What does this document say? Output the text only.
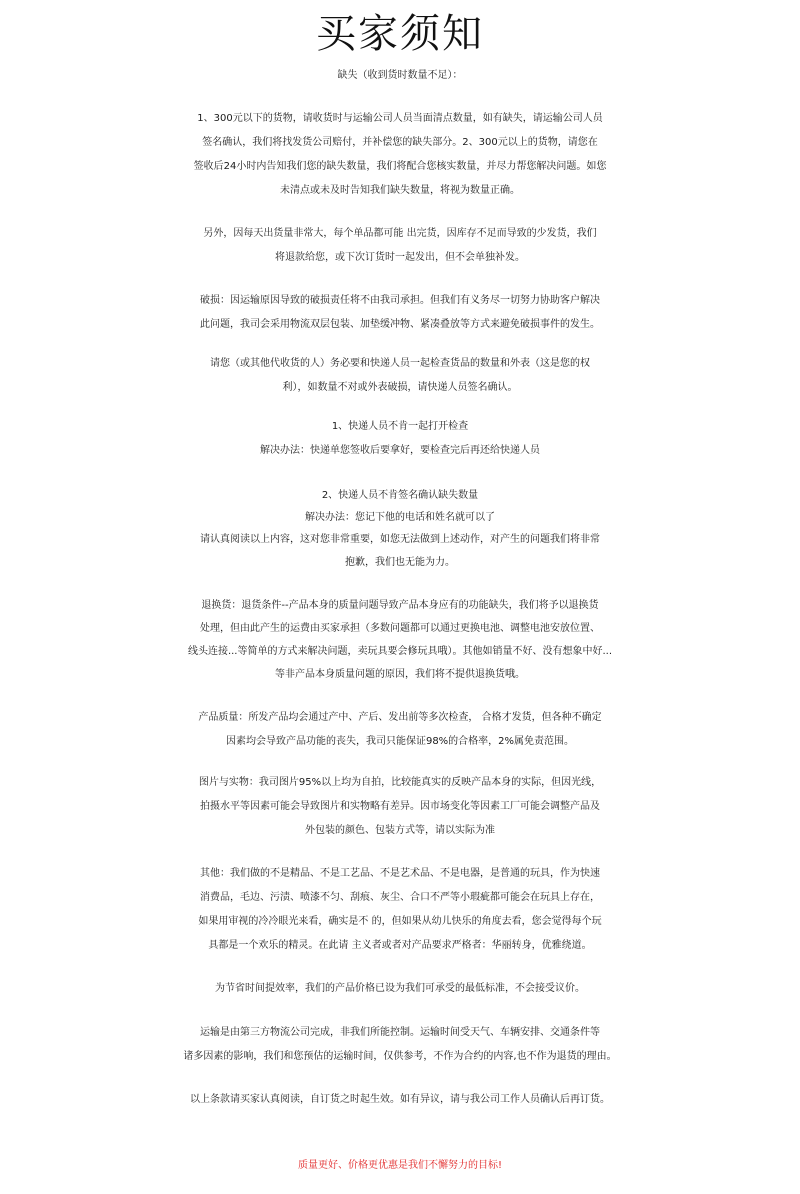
买家须知
缺失（收到货时数量不足）：
1、300元以下的货物，请收货时与运输公司人员当面清点数量，如有缺失，请运输公司人员
签名确认，我们将找发货公司赔付，并补偿您的缺失部分。2、300元以上的货物，请您在
签收后24小时内告知我们您的缺失数量，我们将配合您核实数量，并尽力帮您解决问题。如您
未清点或未及时告知我们缺失数量，将视为数量正确。
另外，因每天出货量非常大，每个单品都可能 出完货，因库存不足而导致的少发货，我们
将退款给您，或下次订货时一起发出，但不会单独补发。
破损：因运输原因导致的破损责任将不由我司承担。但我们有义务尽一切努力协助客户解决
此问题，我司会采用物流双层包装、加垫缓冲物、紧凑叠放等方式来避免破损事件的发生。
请您（或其他代收货的人）务必要和快递人员一起检查货品的数量和外表（这是您的权
利），如数量不对或外表破损，请快递人员签名确认。
1、快递人员不肯一起打开检查
解决办法：快递单您签收后要拿好，要检查完后再还给快递人员
2、快递人员不肯签名确认缺失数量
解决办法：您记下他的电话和姓名就可以了
请认真阅读以上内容，这对您非常重要，如您无法做到上述动作，对产生的问题我们将非常
抱歉，我们也无能为力。
退换货：退货条件--产品本身的质量问题导致产品本身应有的功能缺失，我们将予以退换货
处理，但由此产生的运费由买家承担（多数问题都可以通过更换电池、调整电池安放位置、
线头连接...等简单的方式来解决问题，卖玩具要会修玩具哦）。其他如销量不好、没有想象中好...
等非产品本身质量问题的原因，我们将不提供退换货哦。
产品质量：所发产品均会通过产中、产后、发出前等多次检查， 合格才发货，但各种不确定
因素均会导致产品功能的丧失，我司只能保证98%的合格率，2%属免责范围。
图片与实物：我司图片95%以上均为自拍，比较能真实的反映产品本身的实际，但因光线，
拍摄水平等因素可能会导致图片和实物略有差异。因市场变化等因素工厂可能会调整产品及
外包装的颜色、包装方式等，请以实际为准
其他：我们做的不是精品、不是工艺品、不是艺术品、不是电器，是普通的玩具，作为快速
消费品，毛边、污渍、喷漆不匀、刮痕、灰尘、合口不严等小瑕疵都可能会在玩具上存在，
如果用审视的冷冷眼光来看，确实是不 的，但如果从幼儿快乐的角度去看，您会觉得每个玩
具都是一个欢乐的精灵。在此请 主义者或者对产品要求严格者：华丽转身，优雅绕道。
为节省时间提效率，我们的产品价格已设为我们可承受的最低标准，不会接受议价。
运输是由第三方物流公司完成，非我们所能控制。运输时间受天气、车辆安排、交通条件等
诸多因素的影响，我们和您预估的运输时间，仅供参考，不作为合约的内容,也不作为退货的理由。
以上条款请买家认真阅读，自订货之时起生效。如有异议，请与我公司工作人员确认后再订货。
质量更好、价格更优惠是我们不懈努力的目标!
